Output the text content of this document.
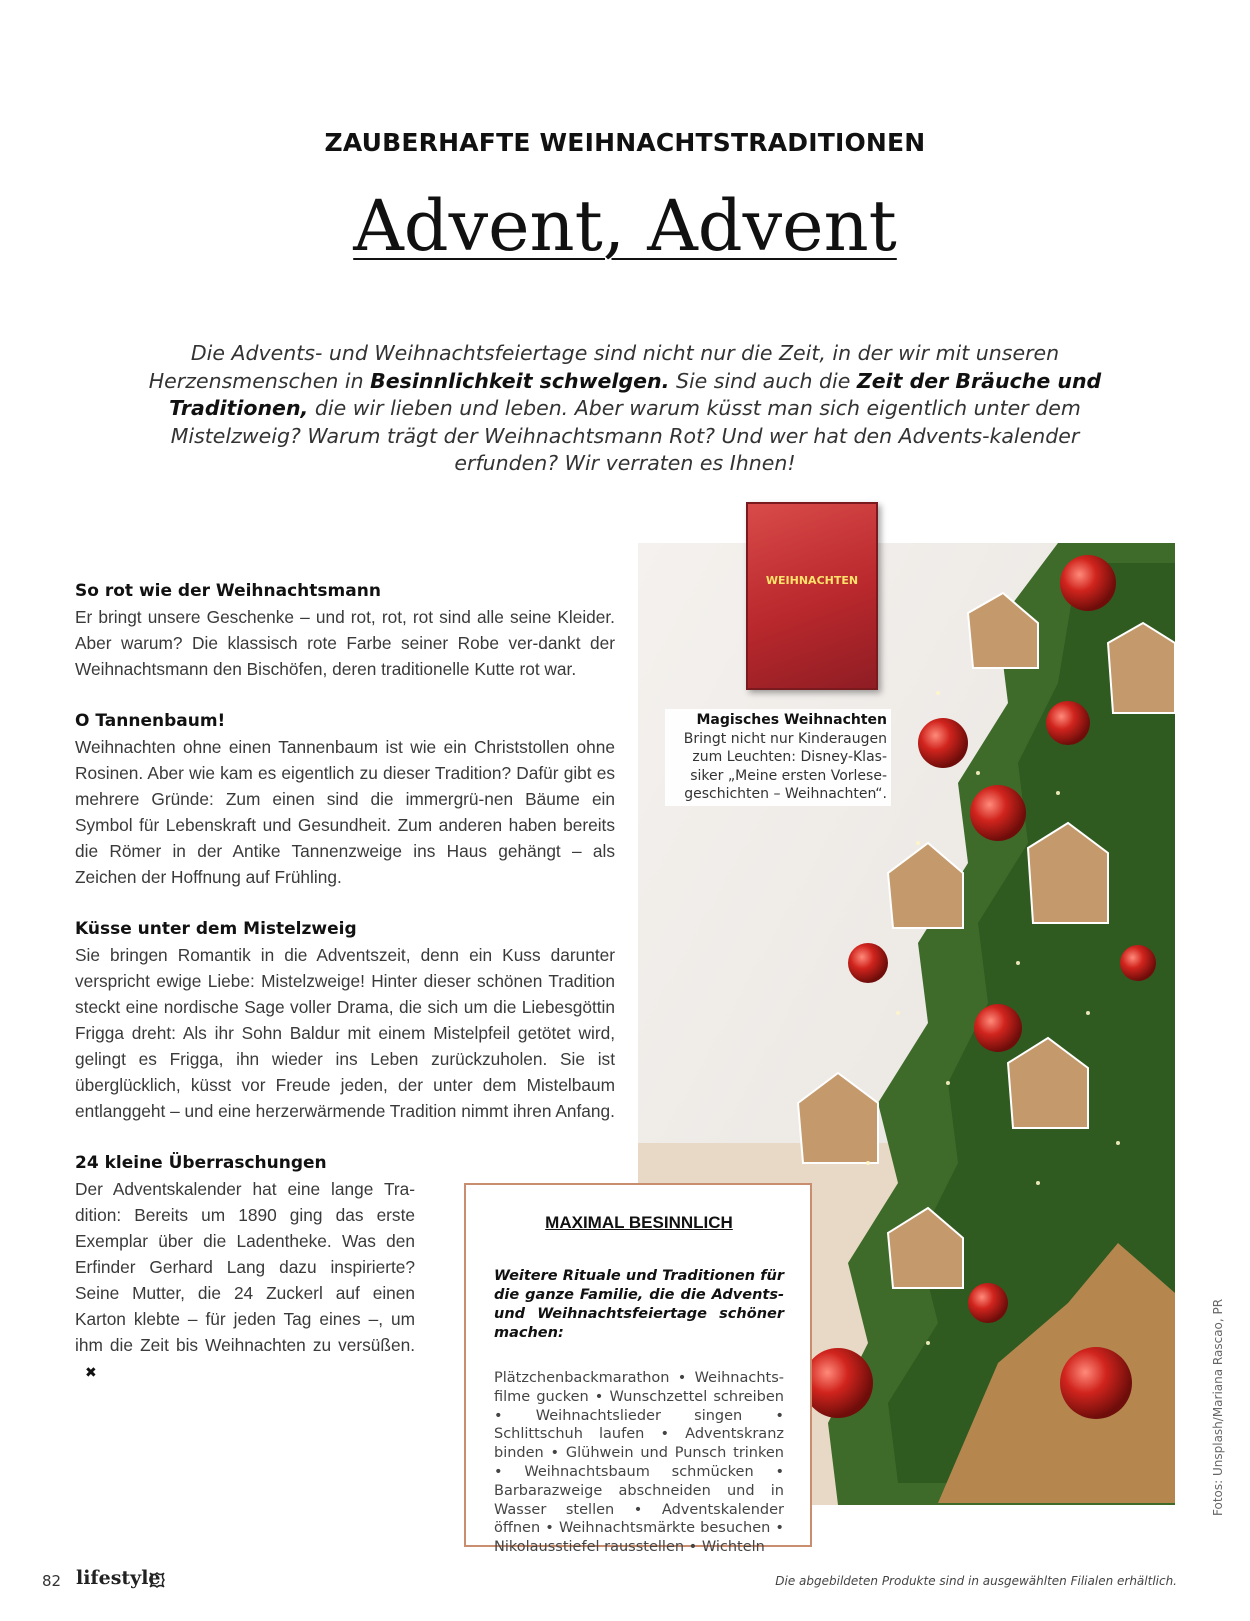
ZAUBERHAFTE WEIHNACHTSTRADITIONEN
Advent, Advent
Die Advents- und Weihnachtsfeiertage sind nicht nur die Zeit, in der wir mit unseren Herzensmenschen in Besinnlichkeit schwelgen. Sie sind auch die Zeit der Bräuche und Traditionen, die wir lieben und leben. Aber warum küsst man sich eigentlich unter dem Mistelzweig? Warum trägt der Weihnachtsmann Rot? Und wer hat den Advents-kalender erfunden? Wir verraten es Ihnen!
So rot wie der Weihnachtsmann

Er bringt unsere Geschenke – und rot, rot, rot sind alle seine Kleider. Aber warum? Die klassisch rote Farbe seiner Robe ver-dankt der Weihnachtsmann den Bischöfen, deren traditionelle Kutte rot war.

O Tannenbaum!

Weihnachten ohne einen Tannenbaum ist wie ein Christstollen ohne Rosinen. Aber wie kam es eigentlich zu dieser Tradition? Dafür gibt es mehrere Gründe: Zum einen sind die immergrü-nen Bäume ein Symbol für Lebenskraft und Gesundheit. Zum anderen haben bereits die Römer in der Antike Tannenzweige ins Haus gehängt – als Zeichen der Hoffnung auf Frühling.

Küsse unter dem Mistelzweig

Sie bringen Romantik in die Adventszeit, denn ein Kuss darunter verspricht ewige Liebe: Mistelzweige! Hinter dieser schönen Tradition steckt eine nordische Sage voller Drama, die sich um die Liebesgöttin Frigga dreht: Als ihr Sohn Baldur mit einem Mistelpfeil getötet wird, gelingt es Frigga, ihn wieder ins Leben zurückzuholen. Sie ist überglücklich, küsst vor Freude jeden, der unter dem Mistelbaum entlanggeht – und eine herzerwärmende Tradition nimmt ihren Anfang.

24 kleine Überraschungen

Der Adventskalender hat eine lange Tra-dition: Bereits um 1890 ging das erste Exemplar über die Ladentheke. Was den Erfinder Gerhard Lang dazu inspirierte? Seine Mutter, die 24 Zuckerl auf einen Karton klebte – für jeden Tag eines –, um ihm die Zeit bis Weihnachten zu versüßen.✖

WEIHNACHTEN
Magisches Weihnachten

Bringt nicht nur Kinderaugen zum Leuchten: Disney-Klas-siker „Meine ersten Vorlese-geschichten – Weihnachten“.

MAXIMAL BESINNLICH

Weitere Rituale und Traditionen für die ganze Familie, die die Advents- und Weihnachtsfeiertage schöner machen:

Plätzchenbackmarathon • Weihnachts-filme gucken • Wunschzettel schreiben • Weihnachtslieder singen • Schlittschuh laufen • Adventskranz binden • Glühwein und Punsch trinken • Weihnachtsbaum schmücken • Barbarazweige abschneiden und in Wasser stellen • Adventskalender öffnen • Weihnachtsmärkte besuchen • Nikolausstiefel rausstellen • Wichteln

Fotos: Unsplash/Mariana Rascao, PR
82 lifestyle	Die abgebildeten Produkte sind in ausgewählten Filialen erhältlich.
